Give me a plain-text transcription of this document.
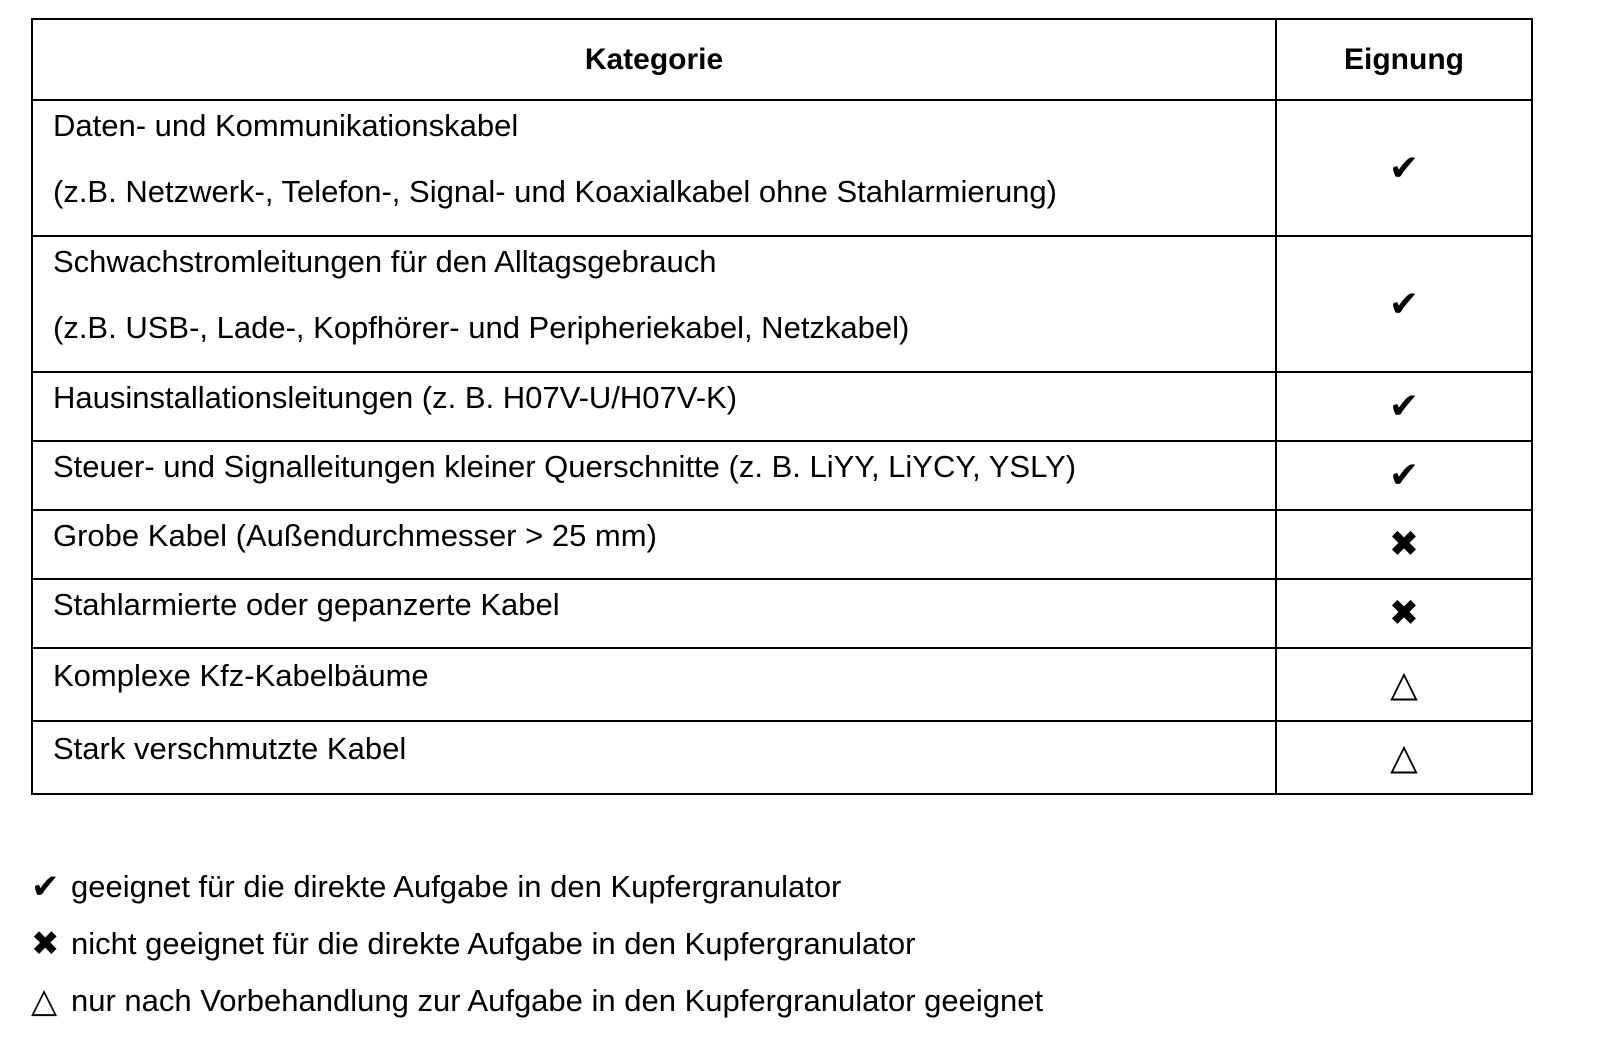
Kategorie	Eignung

Daten- und Kommunikationskabel
(z.B. Netzwerk-, Telefon-, Signal- und Koaxialkabel ohne Stahlarmierung)	✔

Schwachstromleitungen für den Alltagsgebrauch
(z.B. USB-, Lade-, Kopfhörer- und Peripheriekabel, Netzkabel)	✔

Hausinstallationsleitungen (z. B. H07V-U/H07V-K)	✔

Steuer- und Signalleitungen kleiner Querschnitte (z. B. LiYY, LiYCY, YSLY)	✔

Grobe Kabel (Außendurchmesser > 25 mm)	✖

Stahlarmierte oder gepanzerte Kabel	✖

Komplexe Kfz-Kabelbäume	△

Stark verschmutzte Kabel	△
✔ geeignet für die direkte Aufgabe in den Kupfergranulator
✖ nicht geeignet für die direkte Aufgabe in den Kupfergranulator
△ nur nach Vorbehandlung zur Aufgabe in den Kupfergranulator geeignet
